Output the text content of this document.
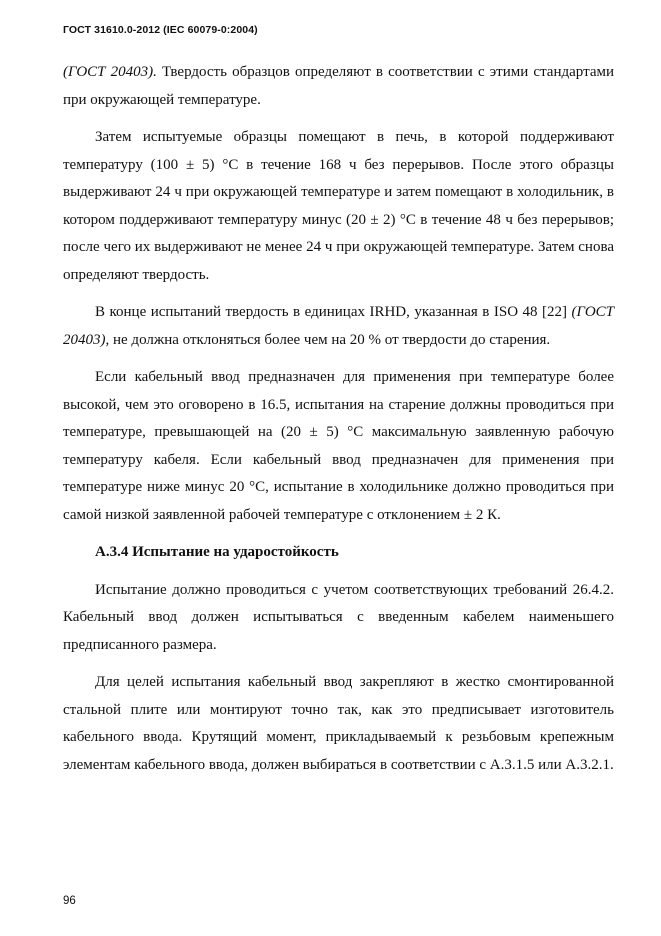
ГОСТ 31610.0-2012 (IEC 60079-0:2004)

(ГОСТ 20403). Твердость образцов определяют в соответствии с этими стандартами при окружающей температуре.

Затем испытуемые образцы помещают в печь, в которой поддерживают температуру (100 ± 5) °С в течение 168 ч без перерывов. После этого образцы выдерживают 24 ч при окружающей температуре и затем помещают в холодильник, в котором поддерживают температуру минус (20 ± 2) °С в течение 48 ч без перерывов; после чего их выдерживают не менее 24 ч при окружающей температуре. Затем снова определяют твердость.

В конце испытаний твердость в единицах IRHD, указанная в ISO 48 [22] (ГОСТ 20403), не должна отклоняться более чем на 20 % от твердости до старения.

Если кабельный ввод предназначен для применения при температуре более высокой, чем это оговорено в 16.5, испытания на старение должны проводиться при температуре, превышающей на (20 ± 5) °С максимальную заявленную рабочую температуру кабеля. Если кабельный ввод предназначен для применения при температуре ниже минус 20 °С, испытание в холодильнике должно проводиться при самой низкой заявленной рабочей температуре с отклонением ± 2 К.

А.3.4 Испытание на ударостойкость

Испытание должно проводиться с учетом соответствующих требований 26.4.2. Кабельный ввод должен испытываться с введенным кабелем наименьшего предписанного размера.

Для целей испытания кабельный ввод закрепляют в жестко смонтированной стальной плите или монтируют точно так, как это предписывает изготовитель кабельного ввода. Крутящий момент, прикладываемый к резьбовым крепежным элементам кабельного ввода, должен выбираться в соответствии с А.3.1.5 или А.3.2.1.

96
